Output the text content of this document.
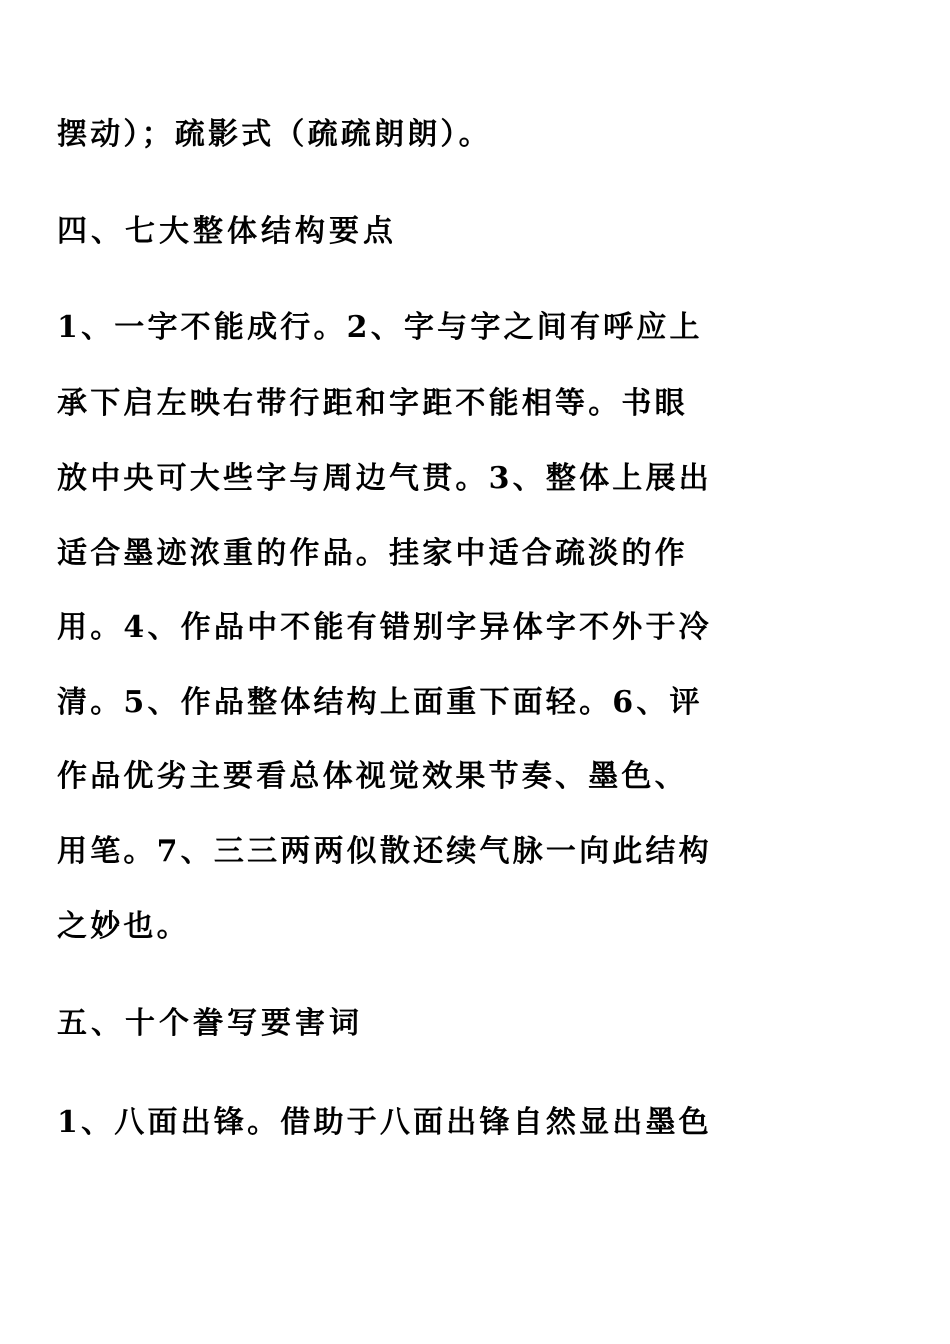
摆动）；疏影式（疏疏朗朗）。
四、七大整体结构要点
1、一字不能成行。2、字与字之间有呼应上
承下启左映右带行距和字距不能相等。书眼
放中央可大些字与周边气贯。3、整体上展出
适合墨迹浓重的作品。挂家中适合疏淡的作
用。4、作品中不能有错别字异体字不外于冷
清。5、作品整体结构上面重下面轻。6、评
作品优劣主要看总体视觉效果节奏、墨色、
用笔。7、三三两两似散还续气脉一向此结构
之妙也。
五、十个誊写要害词
1、八面出锋。借助于八面出锋自然显出墨色
